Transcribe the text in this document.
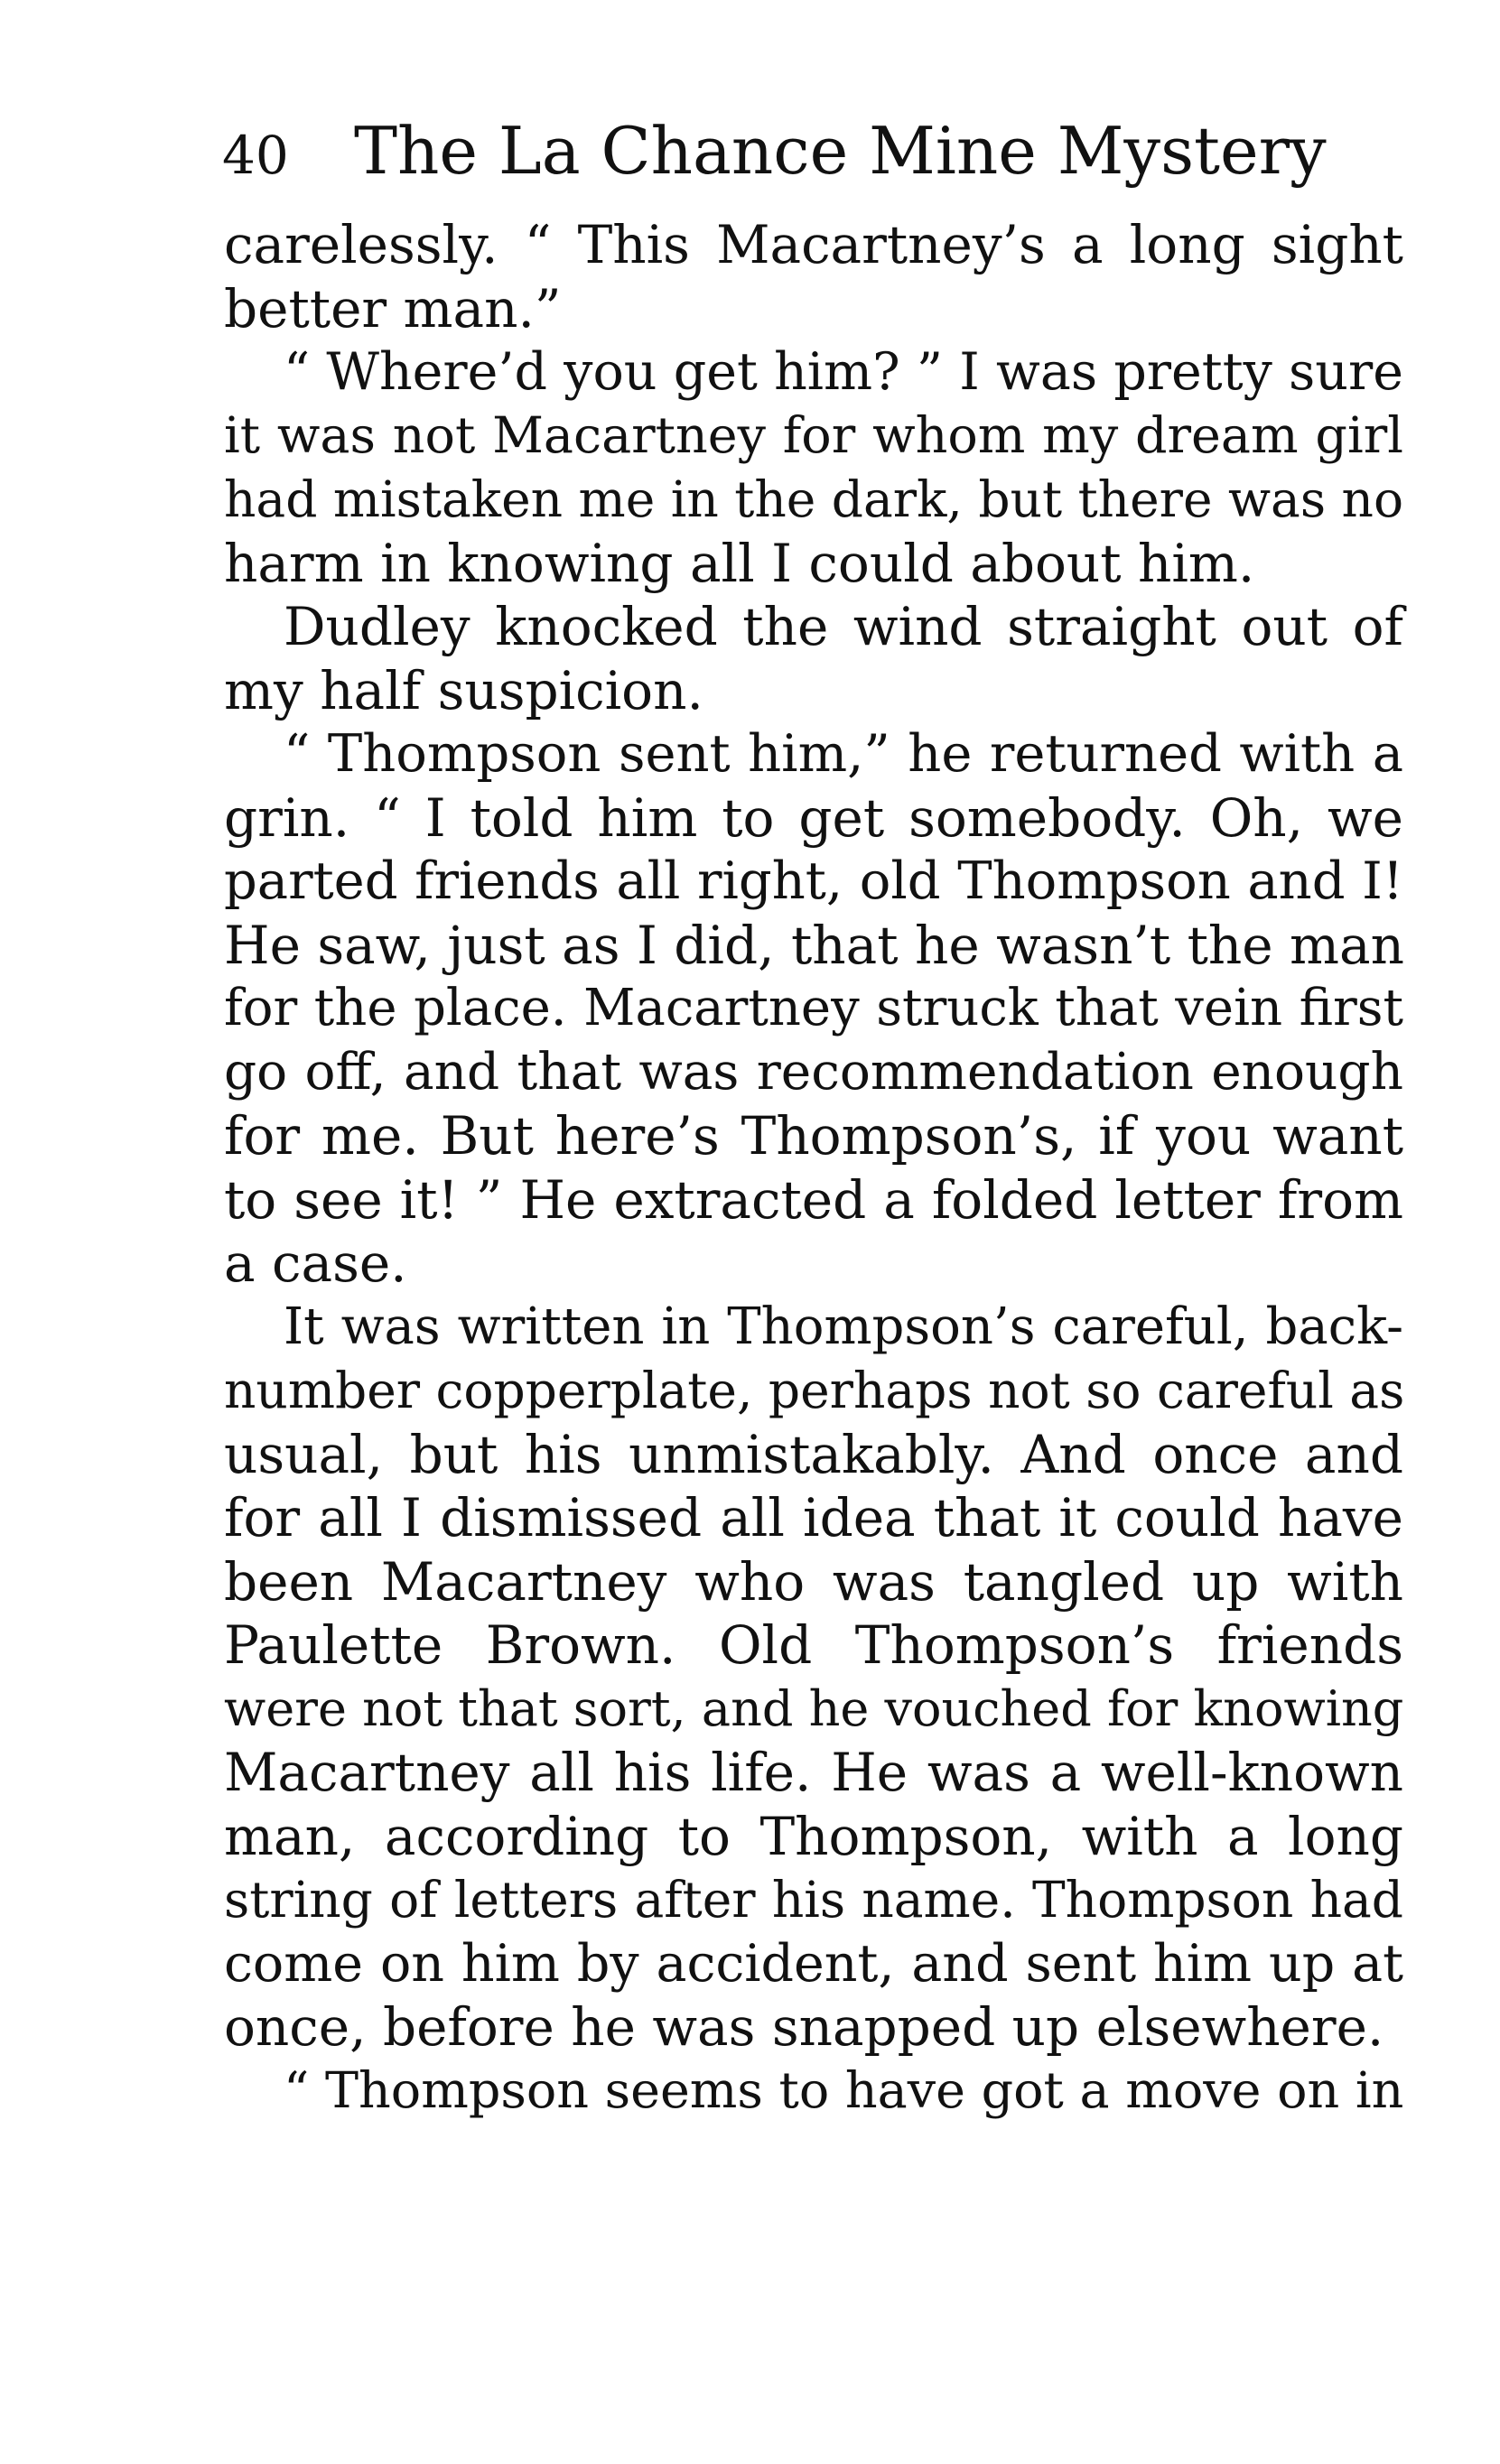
40 The La Chance Mine Mystery
carelessly. “ This Macartney’s a long sight
better man.”
“ Where’d you get him? ” I was pretty sure
it was not Macartney for whom my dream girl
had mistaken me in the dark, but there was no
harm in knowing all I could about him.
Dudley knocked the wind straight out of
my half suspicion.
“ Thompson sent him,” he returned with a
grin. “ I told him to get somebody. Oh, we
parted friends all right, old Thompson and I!
He saw, just as I did, that he wasn’t the man
for the place. Macartney struck that vein first
go off, and that was recommendation enough
for me. But here’s Thompson’s, if you want
to see it! ” He extracted a folded letter from
a case.
It was written in Thompson’s careful, back-
number copperplate, perhaps not so careful as
usual, but his unmistakably. And once and
for all I dismissed all idea that it could have
been Macartney who was tangled up with
Paulette Brown. Old Thompson’s friends
were not that sort, and he vouched for knowing
Macartney all his life. He was a well-known
man, according to Thompson, with a long
string of letters after his name. Thompson had
come on him by accident, and sent him up at
once, before he was snapped up elsewhere.
“ Thompson seems to have got a move on in
